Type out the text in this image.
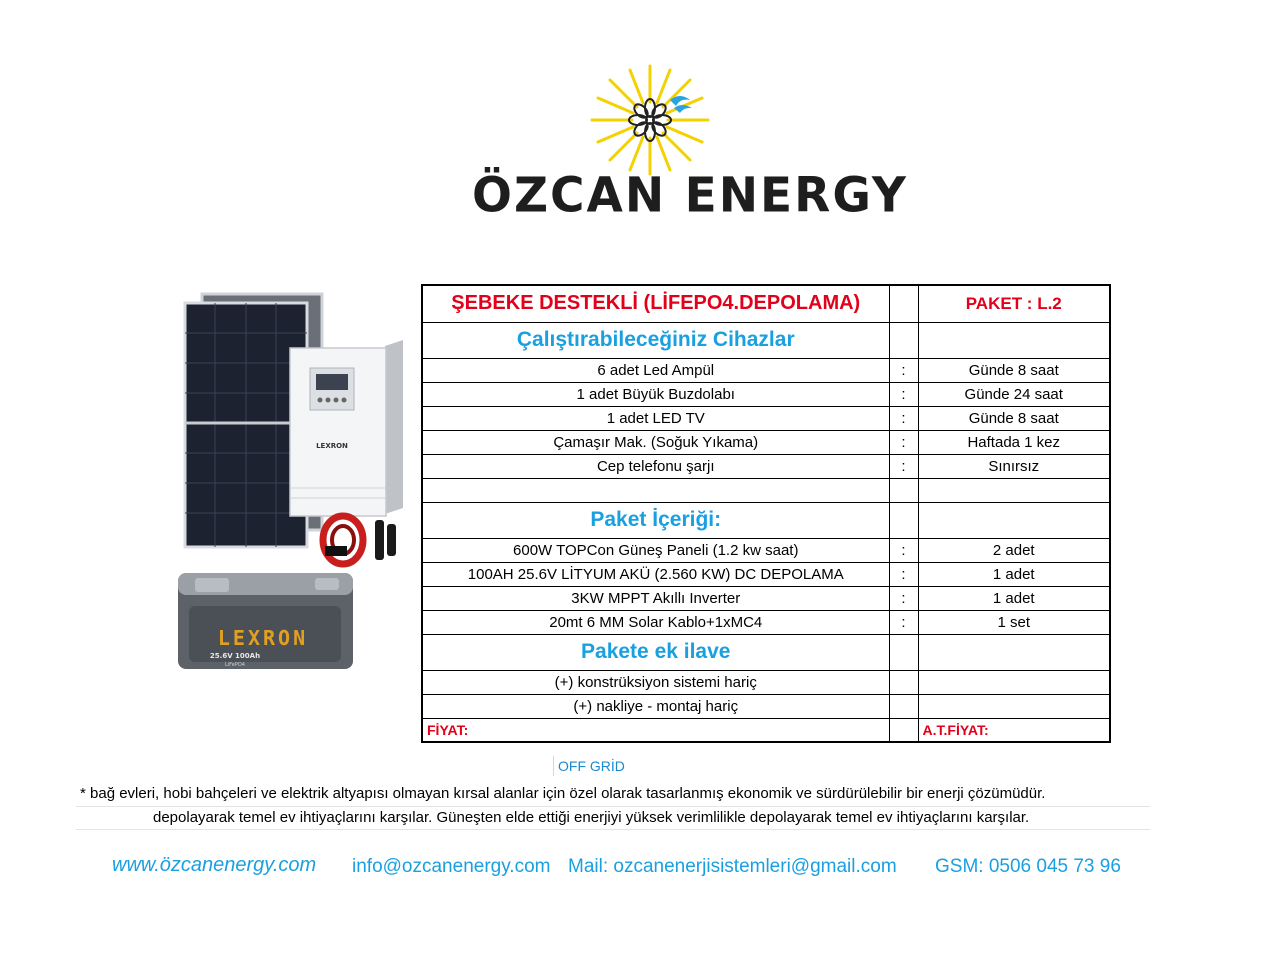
ÖZCAN ENERGY
LEXRON
LEXRON
25.6V 100Ah
LiFePO4
ŞEBEKE DESTEKLİ (LİFEPO4.DEPOLAMA)		PAKET : L.2
Çalıştırabileceğiniz Cihazlar		
6 adet Led Ampül	:	Günde 8 saat
1 adet Büyük Buzdolabı	:	Günde 24 saat
1 adet LED TV	:	Günde 8 saat
Çamaşır Mak. (Soğuk Yıkama)	:	Haftada 1 kez
Cep telefonu şarjı	:	Sınırsız

Paket İçeriği:		
600W TOPCon Güneş Paneli (1.2 kw saat)	:	2 adet
100AH 25.6V LİTYUM AKÜ (2.560 KW) DC DEPOLAMA	:	1 adet
3KW MPPT Akıllı Inverter	:	1 adet
20mt 6 MM Solar Kablo+1xMC4	:	1 set
Pakete ek ilave		
(+) konstrüksiyon sistemi hariç		
(+) nakliye - montaj hariç		
FİYAT:		A.T.FİYAT:
OFF GRİD
* bağ evleri, hobi bahçeleri ve elektrik altyapısı olmayan kırsal alanlar için özel olarak tasarlanmış ekonomik ve sürdürülebilir bir enerji çözümüdür.
depolayarak temel ev ihtiyaçlarını karşılar. Güneşten elde ettiği enerjiyi yüksek verimlilikle depolayarak temel ev ihtiyaçlarını karşılar.
www.özcanenergy.com info@ozcanenergy.com Mail: ozcanenerjisistemleri@gmail.com GSM: 0506 045 73 96
